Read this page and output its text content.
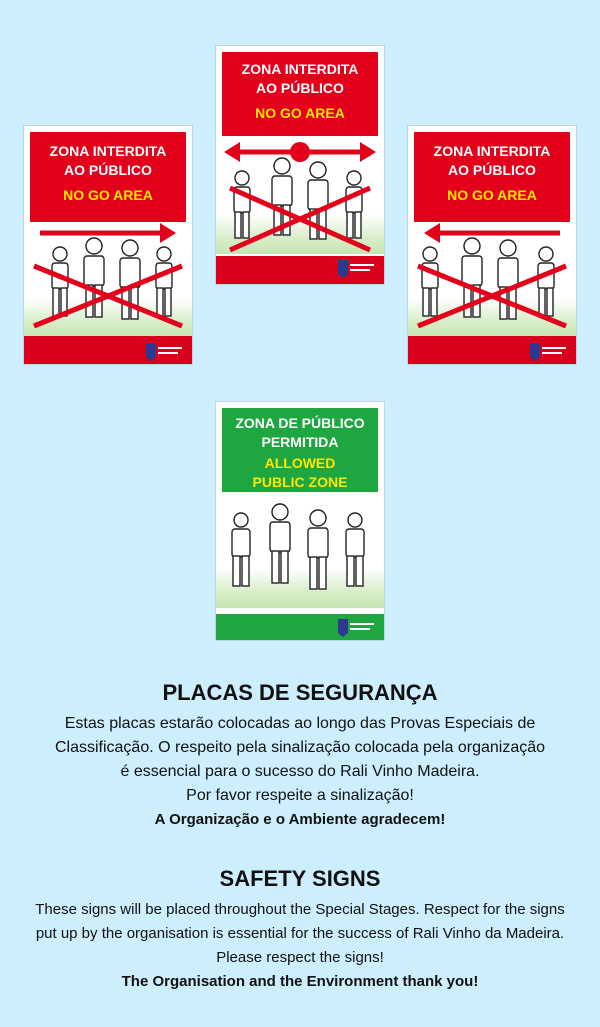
ZONA INTERDITA
AO PÚBLICO
NO GO AREA
ZONA INTERDITA
AO PÚBLICO
NO GO AREA
ZONA INTERDITA
AO PÚBLICO
NO GO AREA
ZONA DE PÚBLICO
PERMITIDA
ALLOWED
PUBLIC ZONE
PLACAS DE SEGURANÇA
Estas placas estarão colocadas ao longo das Provas Especiais de
Classificação. O respeito pela sinalização colocada pela organização
é essencial para o sucesso do Rali Vinho Madeira.
Por favor respeite a sinalização!
A Organização e o Ambiente agradecem!
SAFETY SIGNS
These signs will be placed throughout the Special Stages. Respect for the signs
put up by the organisation is essential for the success of Rali Vinho da Madeira.
Please respect the signs!
The Organisation and the Environment thank you!
